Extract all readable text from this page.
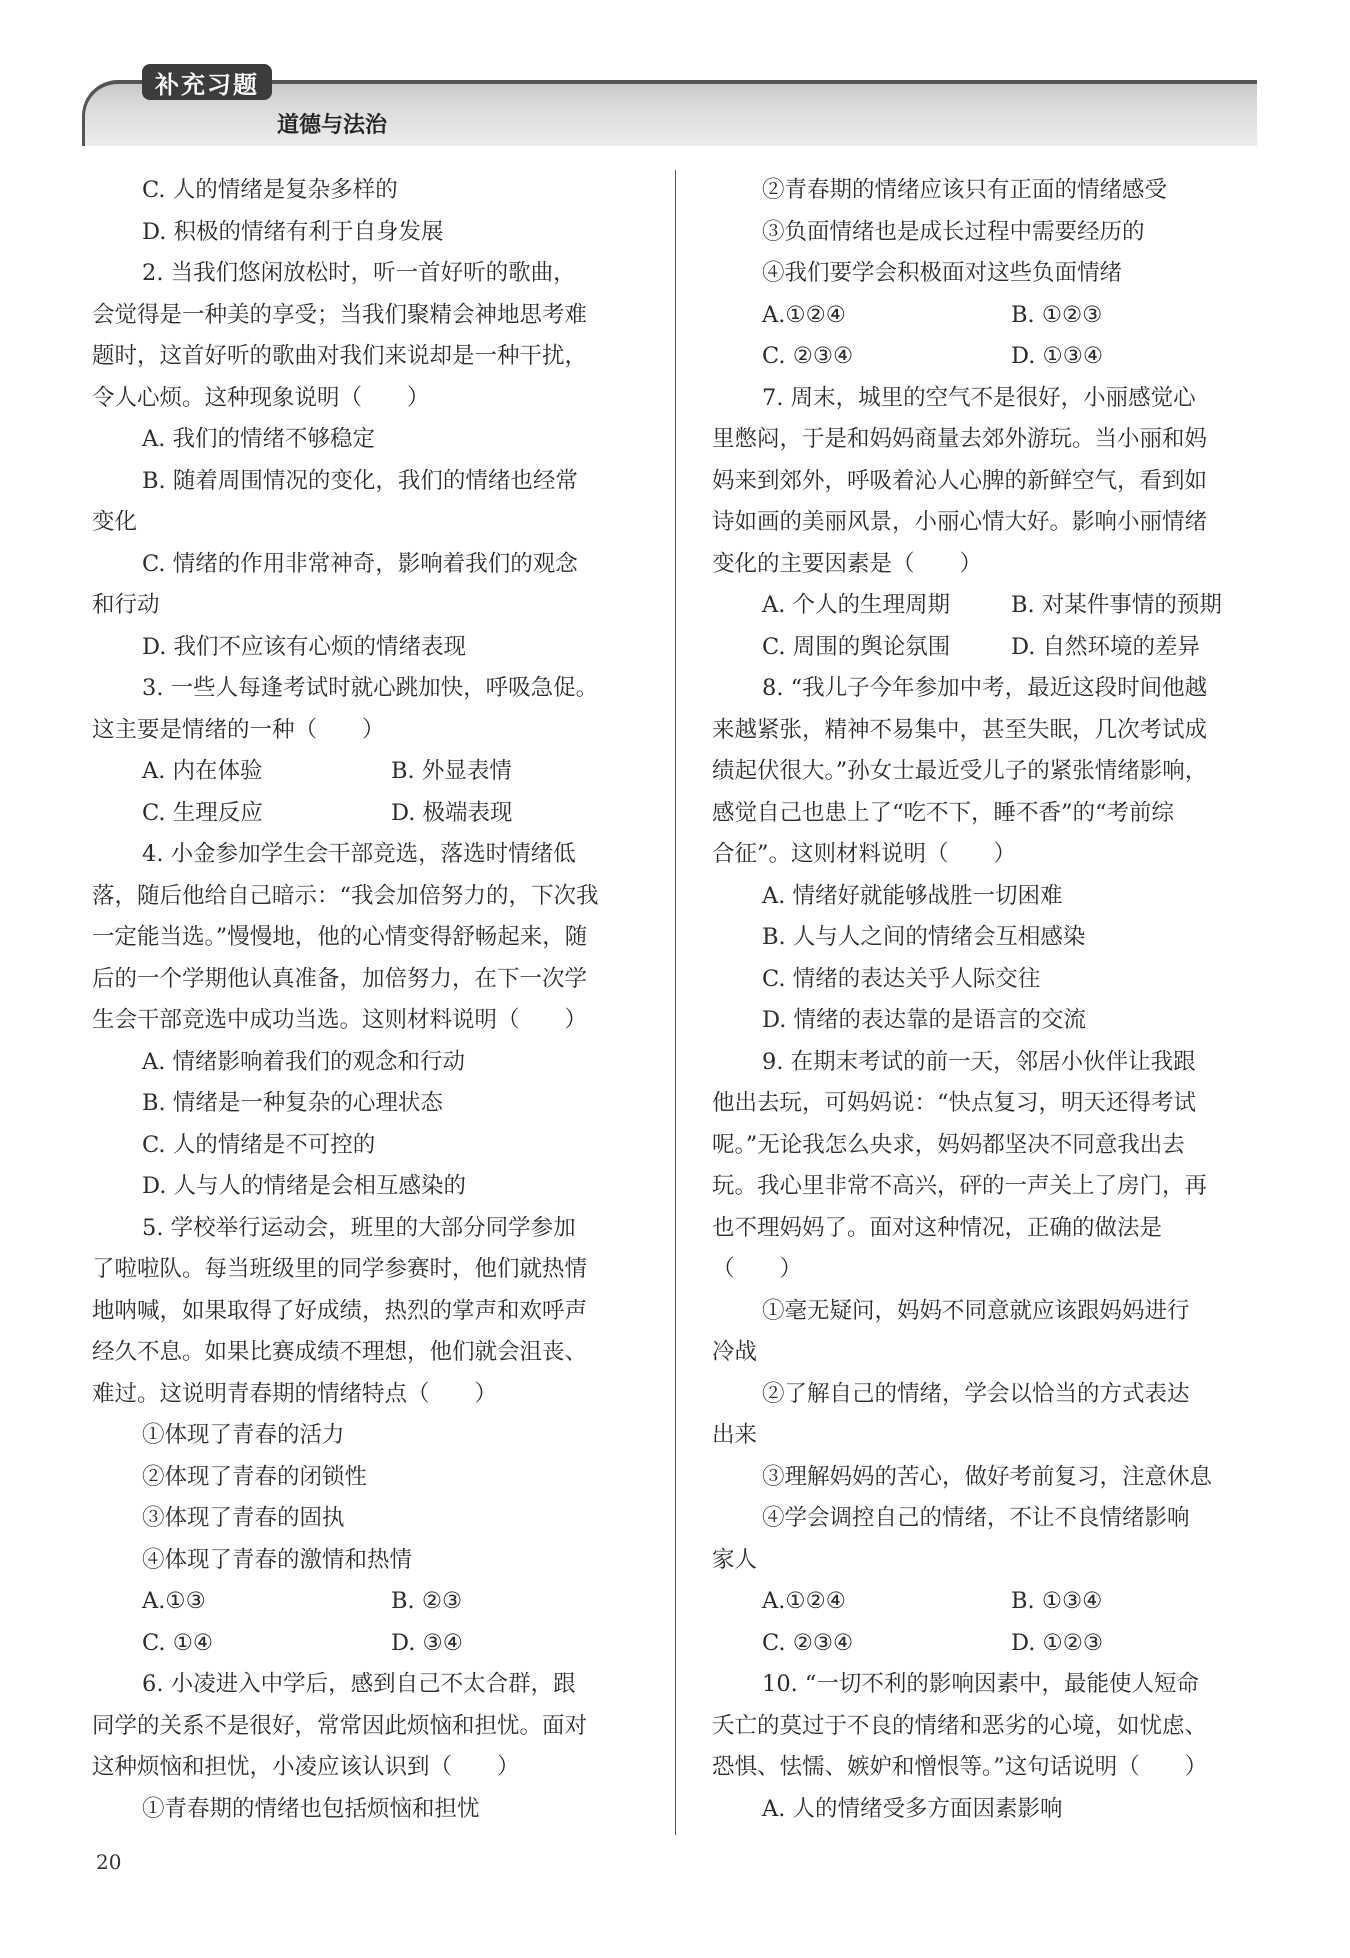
补充习题
道德与法治
C. 人的情绪是复杂多样的
D. 积极的情绪有利于自身发展
2. 当我们悠闲放松时，听一首好听的歌曲，
会觉得是一种美的享受；当我们聚精会神地思考难
题时，这首好听的歌曲对我们来说却是一种干扰，
令人心烦。这种现象说明（　　）
A. 我们的情绪不够稳定
B. 随着周围情况的变化，我们的情绪也经常
变化
C. 情绪的作用非常神奇，影响着我们的观念
和行动
D. 我们不应该有心烦的情绪表现
3. 一些人每逢考试时就心跳加快，呼吸急促。
这主要是情绪的一种（　　）
A. 内在体验	B. 外显表情
C. 生理反应	D. 极端表现
4. 小金参加学生会干部竞选，落选时情绪低
落，随后他给自己暗示：“我会加倍努力的，下次我
一定能当选。”慢慢地，他的心情变得舒畅起来，随
后的一个学期他认真准备，加倍努力，在下一次学
生会干部竞选中成功当选。这则材料说明（　　）
A. 情绪影响着我们的观念和行动
B. 情绪是一种复杂的心理状态
C. 人的情绪是不可控的
D. 人与人的情绪是会相互感染的
5. 学校举行运动会，班里的大部分同学参加
了啦啦队。每当班级里的同学参赛时，他们就热情
地呐喊，如果取得了好成绩，热烈的掌声和欢呼声
经久不息。如果比赛成绩不理想，他们就会沮丧、
难过。这说明青春期的情绪特点（　　）
①体现了青春的活力
②体现了青春的闭锁性
③体现了青春的固执
④体现了青春的激情和热情
A.①③	B. ②③
C. ①④	D. ③④
6. 小凌进入中学后，感到自己不太合群，跟
同学的关系不是很好，常常因此烦恼和担忧。面对
这种烦恼和担忧，小凌应该认识到（　　）
①青春期的情绪也包括烦恼和担忧
②青春期的情绪应该只有正面的情绪感受
③负面情绪也是成长过程中需要经历的
④我们要学会积极面对这些负面情绪
A.①②④	B. ①②③
C. ②③④	D. ①③④
7. 周末，城里的空气不是很好，小丽感觉心
里憋闷，于是和妈妈商量去郊外游玩。当小丽和妈
妈来到郊外，呼吸着沁人心脾的新鲜空气，看到如
诗如画的美丽风景，小丽心情大好。影响小丽情绪
变化的主要因素是（　　）
A. 个人的生理周期	B. 对某件事情的预期
C. 周围的舆论氛围	D. 自然环境的差异
8. “我儿子今年参加中考，最近这段时间他越
来越紧张，精神不易集中，甚至失眠，几次考试成
绩起伏很大。”孙女士最近受儿子的紧张情绪影响，
感觉自己也患上了“吃不下，睡不香”的“考前综
合征”。这则材料说明（　　）
A. 情绪好就能够战胜一切困难
B. 人与人之间的情绪会互相感染
C. 情绪的表达关乎人际交往
D. 情绪的表达靠的是语言的交流
9. 在期末考试的前一天，邻居小伙伴让我跟
他出去玩，可妈妈说：“快点复习，明天还得考试
呢。”无论我怎么央求，妈妈都坚决不同意我出去
玩。我心里非常不高兴，砰的一声关上了房门，再
也不理妈妈了。面对这种情况，正确的做法是
（　　）
①毫无疑问，妈妈不同意就应该跟妈妈进行
冷战
②了解自己的情绪，学会以恰当的方式表达
出来
③理解妈妈的苦心，做好考前复习，注意休息
④学会调控自己的情绪，不让不良情绪影响
家人
A.①②④	B. ①③④
C. ②③④	D. ①②③
10. “一切不利的影响因素中，最能使人短命
夭亡的莫过于不良的情绪和恶劣的心境，如忧虑、
恐惧、怯懦、嫉妒和憎恨等。”这句话说明（　　）
A. 人的情绪受多方面因素影响
20
